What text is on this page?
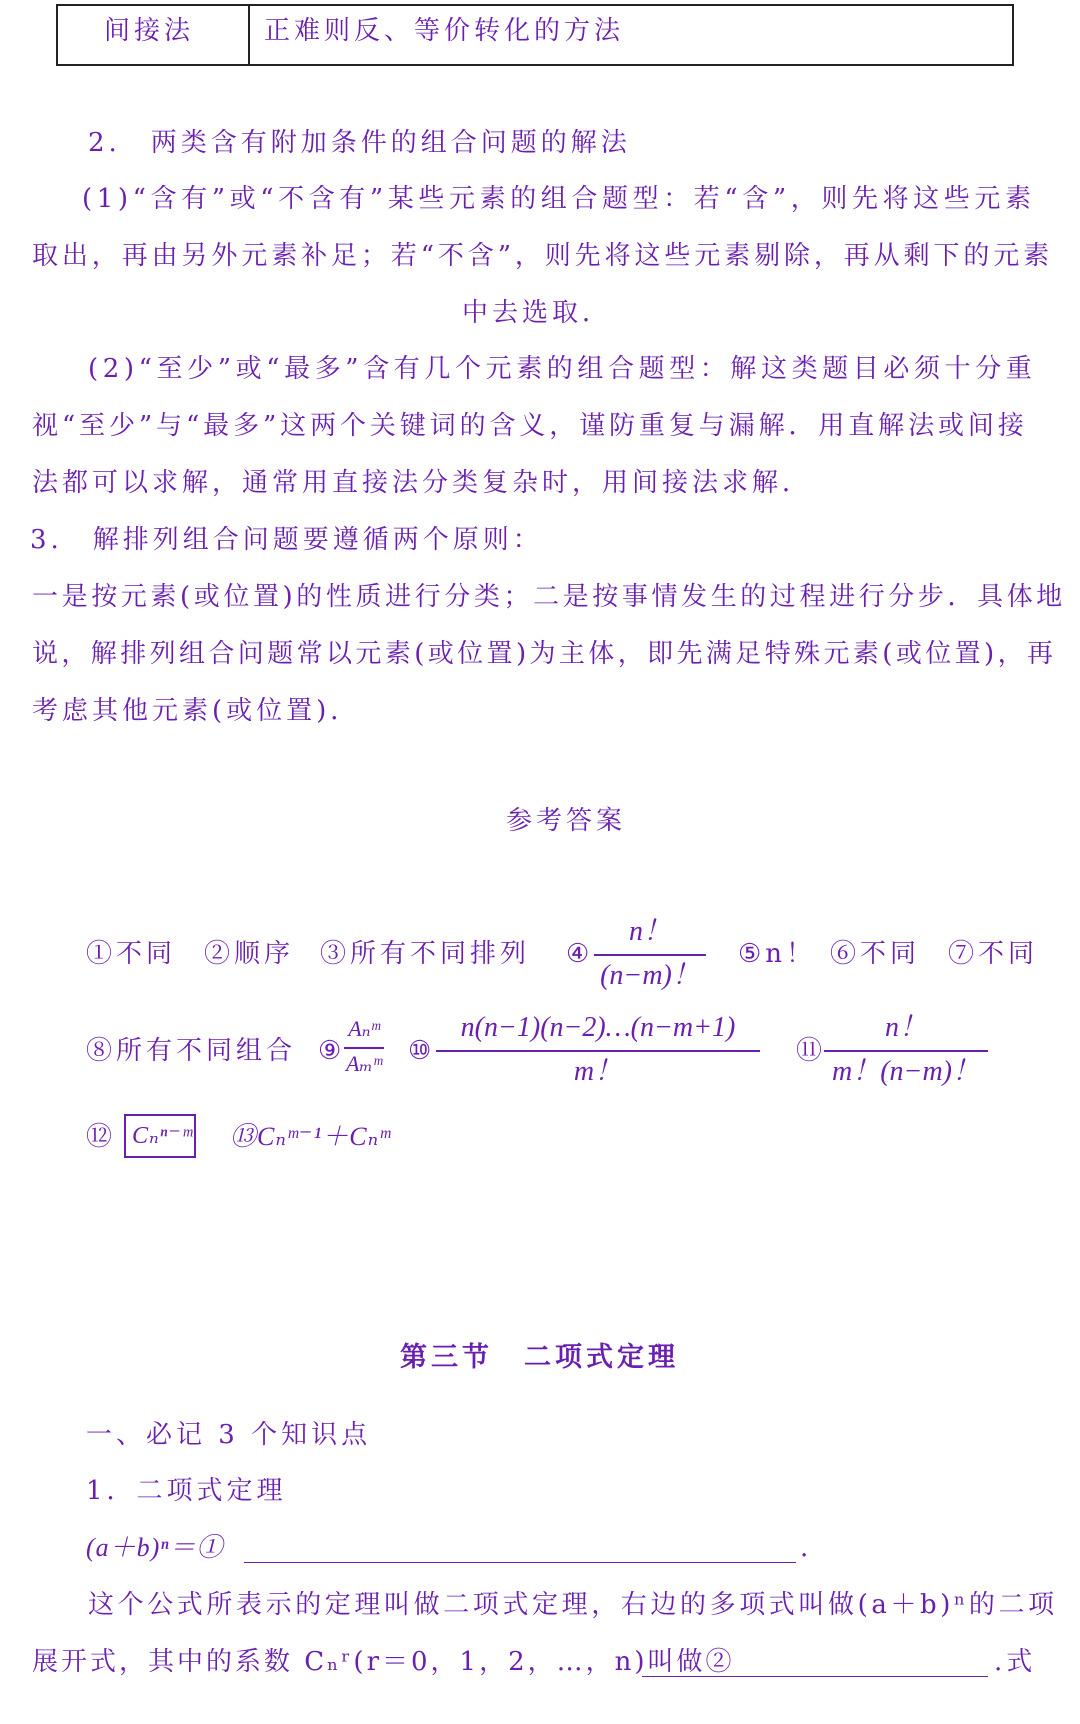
间接法	正难则反、等价转化的方法
2.　两类含有附加条件的组合问题的解法
(1)“含有”或“不含有”某些元素的组合题型：若“含”，则先将这些元素
取出，再由另外元素补足；若“不含”，则先将这些元素剔除，再从剩下的元素
中去选取．
(2)“至少”或“最多”含有几个元素的组合题型：解这类题目必须十分重
视“至少”与“最多”这两个关键词的含义，谨防重复与漏解．用直解法或间接
法都可以求解，通常用直接法分类复杂时，用间接法求解．
3.　解排列组合问题要遵循两个原则：
一是按元素(或位置)的性质进行分类；二是按事情发生的过程进行分步．具体地
说，解排列组合问题常以元素(或位置)为主体，即先满足特殊元素(或位置)，再
考虑其他元素(或位置)．
参考答案
①不同 ②顺序 ③所有不同排列 ④
n！
(n−m)！
⑤n！ ⑥不同 ⑦不同
⑧所有不同组合 ⑨
Aₙᵐ
Aₘᵐ ⑩
n(n−1)(n−2)…(n−m+1)
m！
⑪
n！
m！(n−m)！
⑫ Cₙⁿ⁻ᵐ ⑬Cₙᵐ⁻¹＋Cₙᵐ
第三节　二项式定理
一、必记 3 个知识点
1．二项式定理
(a＋b)ⁿ＝①	.
这个公式所表示的定理叫做二项式定理，右边的多项式叫做(a＋b)ⁿ的二项
展开式，其中的系数 Cₙʳ(r＝0，1，2，…，n)叫做②	.式
